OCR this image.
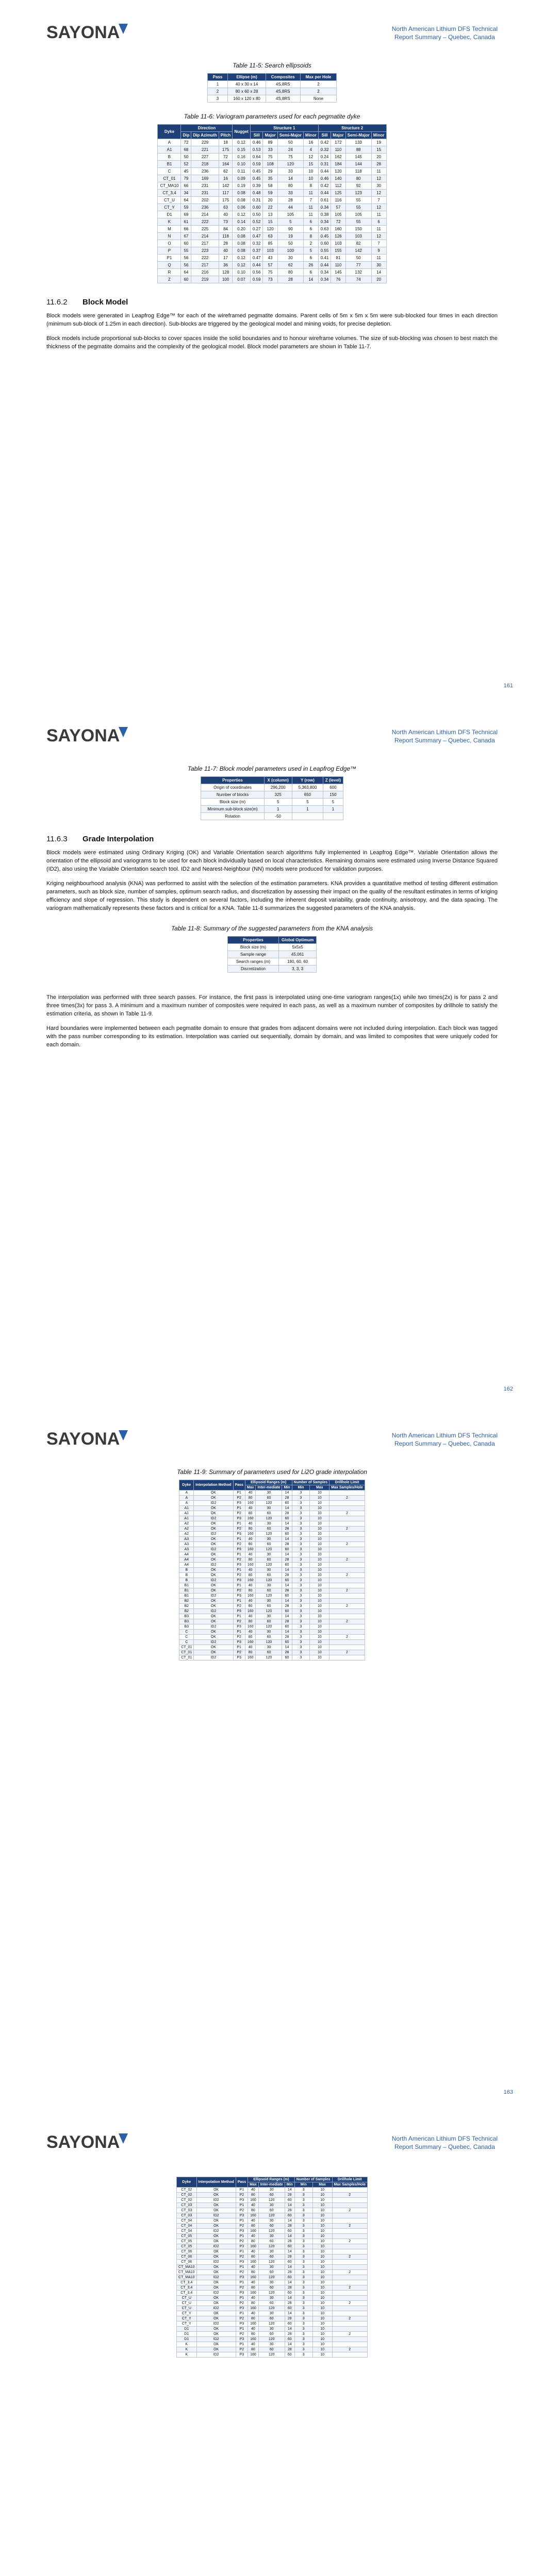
SAYONA	North American Lithium DFS Technical
Report Summary – Quebec, Canada
Table 11-5: Search ellipsoids
Pass	Ellipse (m)	Composites	Max per Hole
1	40 x 30 x 14	4S,8RS	2
2	80 x 60 x 28	4S,8RS	2
3	160 x 120 x 80	4S,8RS	None
Table 11-6: Variogram parameters used for each pegmatite dyke
Dyke	Direction			Nugget	Structure 1				Structure 2			
	Dip	Dip Azimuth	Pitch		Sill	Major	Semi-Major	Minor	Sill	Major	Semi-Major	Minor
A	72	229	18	0.12	0.46	89	50	16	0.42	172	133	19
A1	68	221	175	0.15	0.53	33	24	4	0.32	110	88	15
B	50	227	72	0.16	0.64	75	75	12	0.24	162	145	20
B1	52	218	164	0.10	0.59	108	120	15	0.31	184	144	28
C	45	236	62	0.11	0.45	29	33	10	0.44	120	118	11
CT_01	79	169	16	0.09	0.45	35	14	10	0.46	140	80	12
CT_MA10	66	231	142	0.19	0.39	58	80	8	0.42	112	92	30
CT_3,4	34	231	117	0.08	0.48	59	33	11	0.44	125	123	12
CT_U	64	202	175	0.08	0.31	20	28	7	0.61	116	55	7
CT_Y	59	236	63	0.06	0.60	22	44	11	0.34	57	55	12
D1	69	214	40	0.12	0.50	13	105	11	0.38	105	105	11
K	61	222	73	0.14	0.52	15	5	6	0.34	72	55	6
M	66	225	84	0.20	0.27	120	90	6	0.63	160	150	11
N	67	214	118	0.08	0.47	63	19	8	0.45	126	103	12
O	60	217	28	0.08	0.32	85	50	2	0.60	103	82	7
P	55	223	40	0.08	0.37	103	100	5	0.55	155	142	9
P1	56	222	17	0.12	0.47	43	30	6	0.41	81	50	11
Q	56	217	36	0.12	0.44	57	62	26	0.44	110	77	30
R	64	216	128	0.10	0.56	75	80	6	0.34	145	132	14
Z	60	219	100	0.07	0.59	73	28	14	0.34	76	74	20
11.6.2	Block Model

Block models were generated in Leapfrog Edge™ for each of the wireframed pegmatite domains. Parent cells of 5m x 5m x 5m were sub-blocked four times in each direction (minimum sub-block of 1.25m in each direction). Sub-blocks are triggered by the geological model and mining voids, for precise depletion.

Block models include proportional sub-blocks to cover spaces inside the solid boundaries and to honour wireframe volumes. The size of sub-blocking was chosen to best match the thickness of the pegmatite domains and the complexity of the geological model. Block model parameters are shown in Table 11-7.

161
SAYONA	North American Lithium DFS Technical
Report Summary – Quebec, Canada
Table 11-7: Block model parameters used in Leapfrog Edge™
Properties	X (column)	Y (row)	Z (level)
Origin of coordinates	296,200	5,363,800	600
Number of blocks	325	650	150
Block size (m)	5	5	5
Minimum sub-block size(m)	1	1	1
Rotation	-50		
11.6.3	Grade Interpolation

Block models were estimated using Ordinary Kriging (OK) and Variable Orientation search algorithms fully implemented in Leapfrog Edge™. Variable Orientation allows the orientation of the ellipsoid and variograms to be used for each block individually based on local characteristics. Remaining domains were estimated using Inverse Distance Squared (ID2), also using the Variable Orientation search tool. ID2 and Nearest-Neighbour (NN) models were produced for validation purposes.

Kriging neighbourhood analysis (KNA) was performed to assist with the selection of the estimation parameters. KNA provides a quantitative method of testing different estimation parameters, such as block size, number of samples, optimum search radius, and discretization by assessing their impact on the quality of the resultant estimates in terms of kriging efficiency and slope of regression. This study is dependent on several factors, including the inherent deposit variability, grade continuity, anisotropy, and the data spacing. The variogram mathematically represents these factors and is critical for a KNA. Table 11-8 summarizes the suggested parameters of the KNA analysis.

Table 11-8: Summary of the suggested parameters from the KNA analysis
Properties	Global Optimum
Block size (m)	5x5x5
Sample range	45,061
Search ranges (m)	180, 60, 60
Discretization	3, 3, 3

The interpolation was performed with three search passes. For instance, the first pass is interpolated using one-time variogram ranges(1x) while two times(2x) is for pass 2 and three times(3x) for pass 3. A minimum and a maximum number of composites were required in each pass, as well as a maximum number of composites by drillhole to satisfy the estimation criteria, as shown in Table 11-9.

Hard boundaries were implemented between each pegmatite domain to ensure that grades from adjacent domains were not included during interpolation. Each block was tagged with the pass number corresponding to its estimation. Interpolation was carried out sequentially, domain by domain, and was limited to composites that were uniquely coded for each domain.

162
SAYONA	North American Lithium DFS Technical
Report Summary – Quebec, Canada
Table 11-9: Summary of parameters used for Li2O grade interpolation
Dyke	Interpolation Method	Pass	Ellipsoid Ranges (m)			Number of Samples		Drillhole Limit
			Max	Inter-mediate	Min	Min	Max	Max Samples/Hole
A	OK	P1	40	30	14	3	10	
A	OK	P2	80	60	28	3	10	2
A	ID2	P3	160	120	60	3	10	
A1	OK	P1	40	30	14	3	10	
A1	OK	P2	80	60	28	3	10	2
A1	ID2	P3	160	120	60	3	10	
A2	OK	P1	40	30	14	3	10	
A2	OK	P2	80	60	28	3	10	2
A2	ID2	P3	160	120	60	3	10	
A3	OK	P1	40	30	14	3	10	
A3	OK	P2	80	60	28	3	10	2
A3	ID2	P3	160	120	60	3	10	
A4	OK	P1	40	30	14	3	10	
A4	OK	P2	80	60	28	3	10	2
A4	ID2	P3	160	120	60	3	10	
B	OK	P1	40	30	14	3	10	
B	OK	P2	80	60	28	3	10	2
B	ID2	P3	160	120	60	3	10	
B1	OK	P1	40	30	14	3	10	
B1	OK	P2	80	60	28	3	10	2
B1	ID2	P3	160	120	60	3	10	
B2	OK	P1	40	30	14	3	10	
B2	OK	P2	80	60	28	3	10	2
B2	ID2	P3	160	120	60	3	10	
B3	OK	P1	40	30	14	3	10	
B3	OK	P2	80	60	28	3	10	2
B3	ID2	P3	160	120	60	3	10	
C	OK	P1	40	30	14	3	10	
C	OK	P2	80	60	28	3	10	2
C	ID2	P3	160	120	60	3	10	
CT_01	OK	P1	40	30	14	3	10	
CT_01	OK	P2	80	60	28	3	10	2
CT_01	ID2	P3	160	120	60	3	10	
163
SAYONA	North American Lithium DFS Technical
Report Summary – Quebec, Canada
Dyke	Interpolation Method	Pass	Ellipsoid Ranges (m)			Number of Samples		Drillhole Limit
			Max	Inter-mediate	Min	Min	Max	Max Samples/Hole
CT_02	OK	P1	40	30	14	3	10	
CT_02	OK	P2	80	60	28	3	10	2
CT_02	ID2	P3	160	120	60	3	10	
CT_03	OK	P1	40	30	14	3	10	
CT_03	OK	P2	80	60	28	3	10	2
CT_03	ID2	P3	160	120	60	3	10	
CT_04	OK	P1	40	30	14	3	10	
CT_04	OK	P2	80	60	28	3	10	2
CT_04	ID2	P3	160	120	60	3	10	
CT_05	OK	P1	40	30	14	3	10	
CT_05	OK	P2	80	60	28	3	10	2
CT_05	ID2	P3	160	120	60	3	10	
CT_06	OK	P1	40	30	14	3	10	
CT_06	OK	P2	80	60	28	3	10	2
CT_06	ID2	P3	160	120	60	3	10	
CT_MA10	OK	P1	40	30	14	3	10	
CT_MA10	OK	P2	80	60	28	3	10	2
CT_MA10	ID2	P3	160	120	60	3	10	
CT_3,4	OK	P1	40	30	14	3	10	
CT_3,4	OK	P2	80	60	28	3	10	2
CT_3,4	ID2	P3	160	120	60	3	10	
CT_U	OK	P1	40	30	14	3	10	
CT_U	OK	P2	80	60	28	3	10	2
CT_U	ID2	P3	160	120	60	3	10	
CT_Y	OK	P1	40	30	14	3	10	
CT_Y	OK	P2	80	60	28	3	10	2
CT_Y	ID2	P3	160	120	60	3	10	
D1	OK	P1	40	30	14	3	10	
D1	OK	P2	80	60	28	3	10	2
D1	ID2	P3	160	120	60	3	10	
K	OK	P1	40	30	14	3	10	
K	OK	P2	80	60	28	3	10	2
K	ID2	P3	160	120	60	3	10	
